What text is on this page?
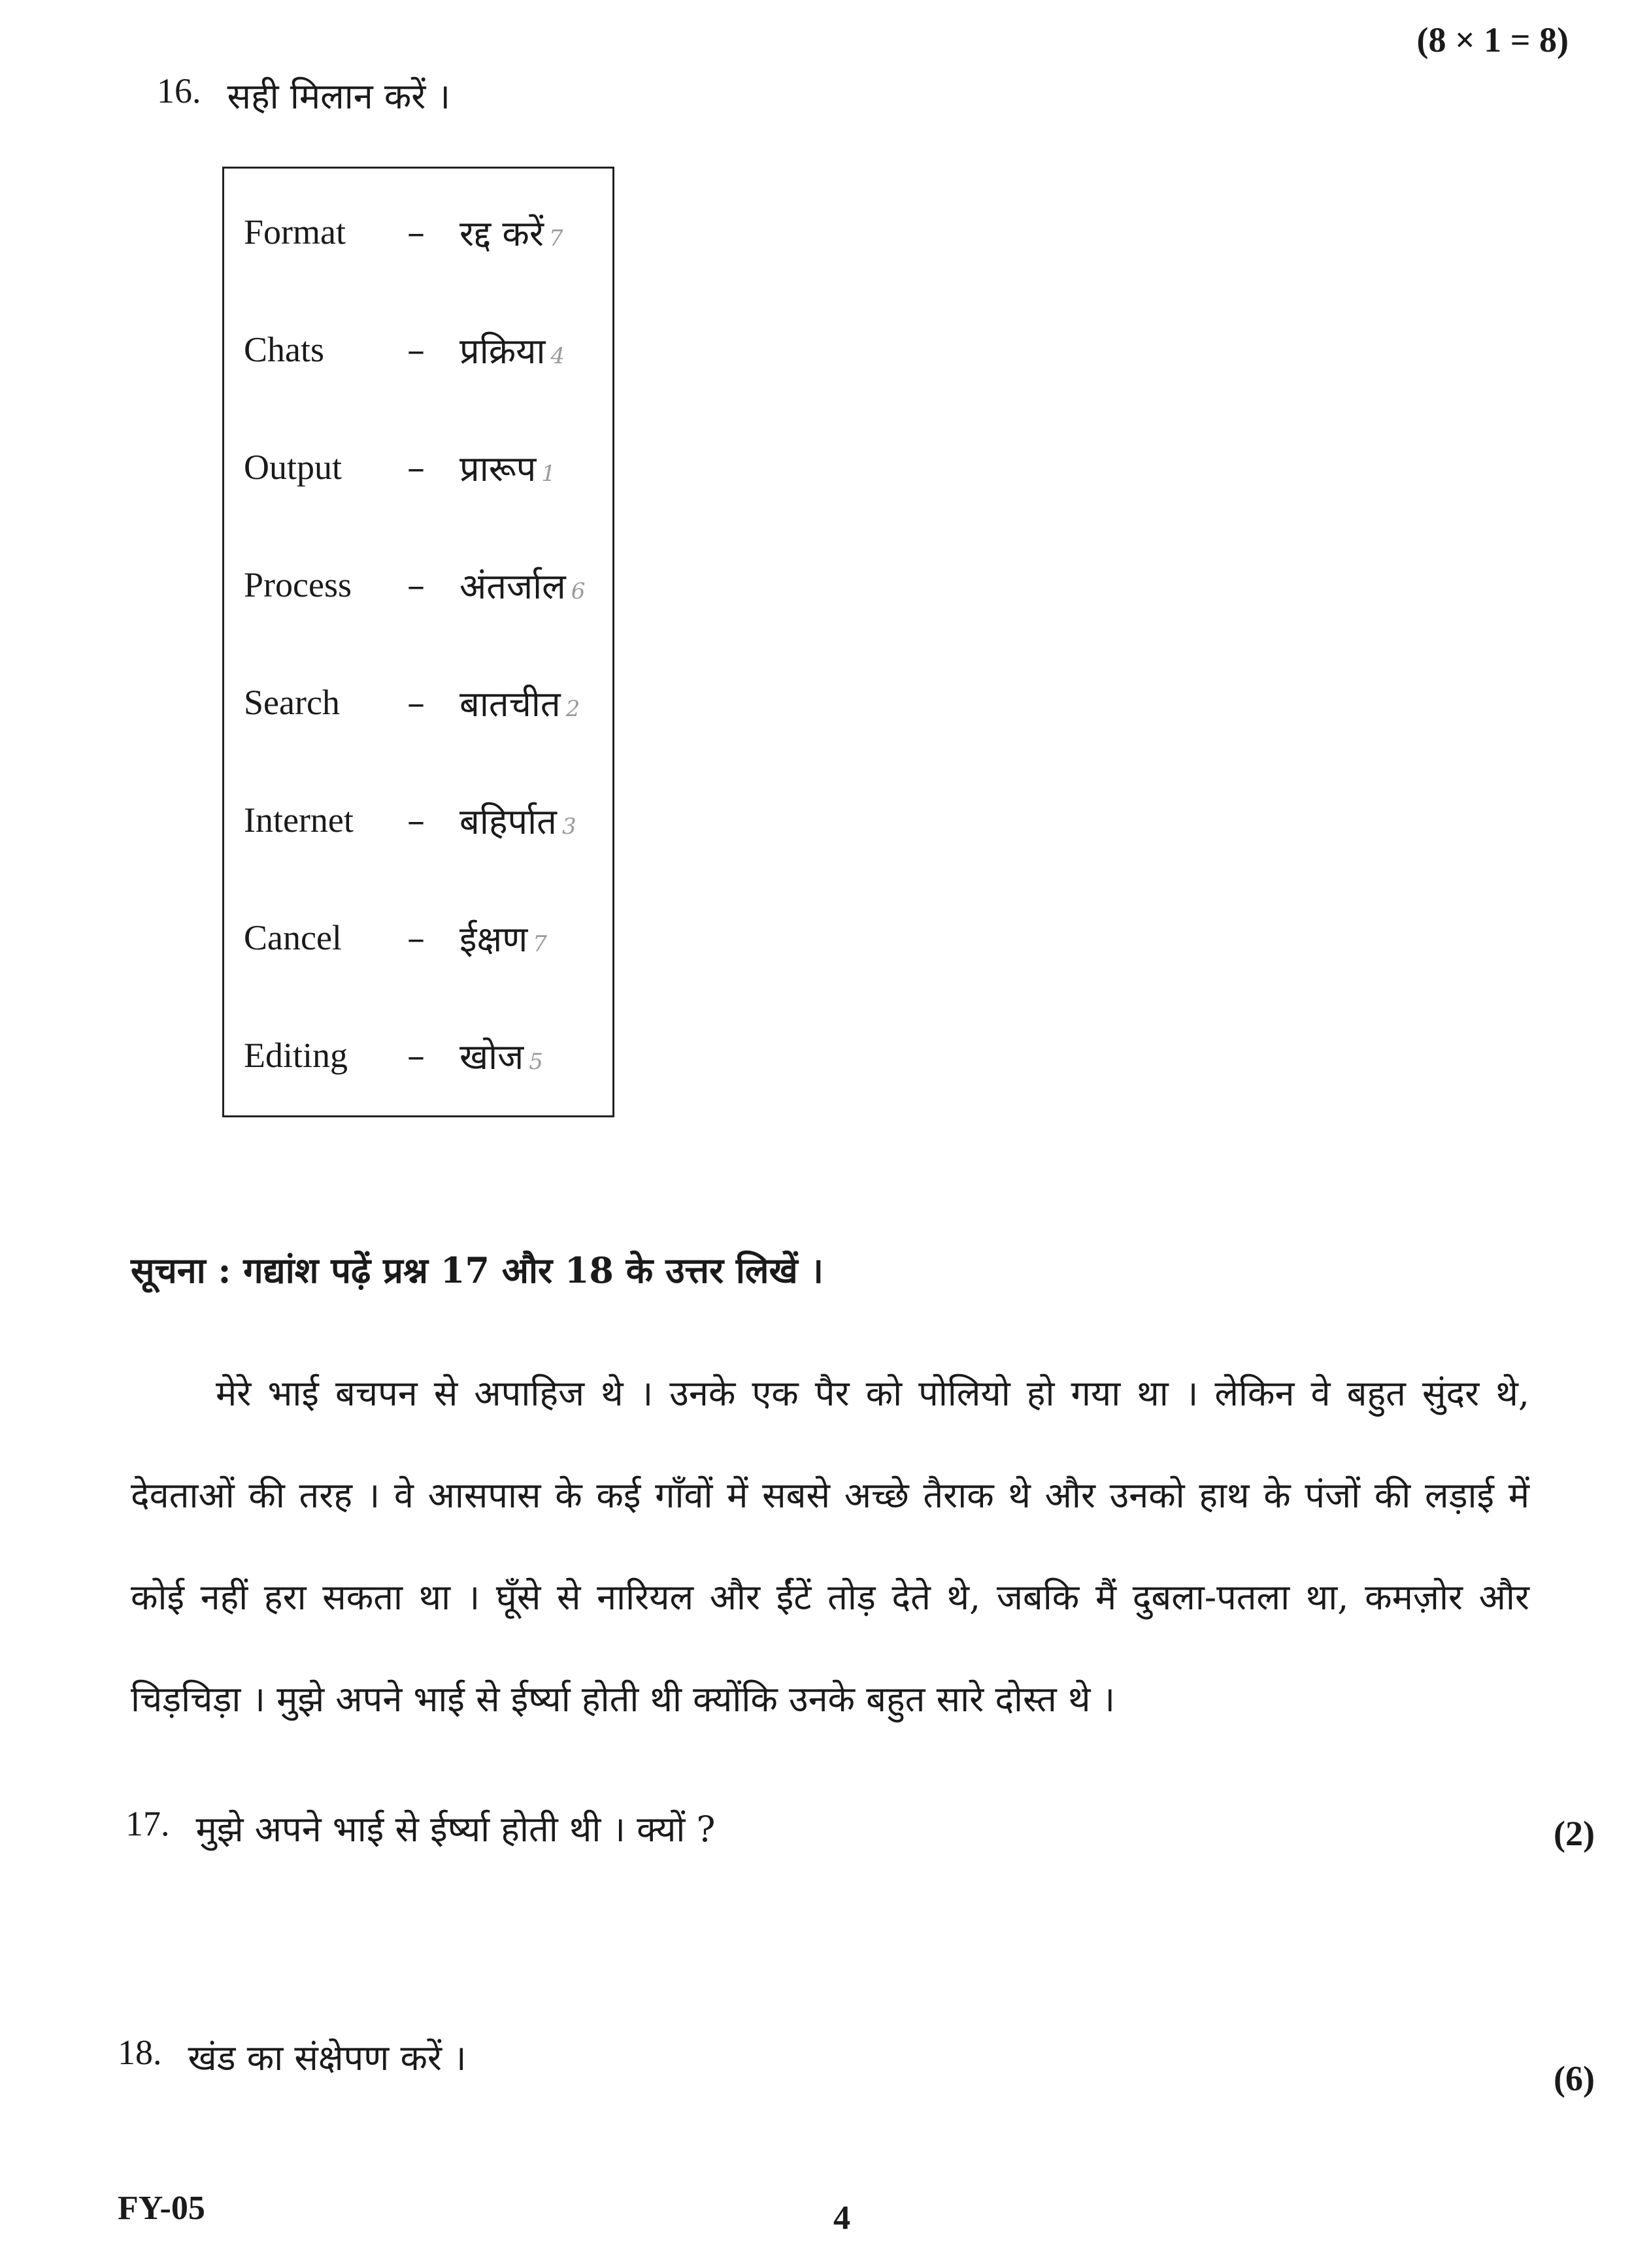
(8 × 1 = 8)
16. सही मिलान करें ।
Format	– रद्द करें 7
Chats	– प्रक्रिया 4
Output	– प्रारूप 1
Process	– अंतर्जाल 6
Search	– बातचीत 2
Internet	– बहिर्पात 3
Cancel	– ईक्षण 7
Editing	– खोज 5
सूचना : गद्यांश पढ़ें प्रश्न 17 और 18 के उत्तर लिखें ।
मेरे भाई बचपन से अपाहिज थे । उनके एक पैर को पोलियो हो गया था । लेकिन वे बहुत सुंदर थे, देवताओं की तरह । वे आसपास के कई गाँवों में सबसे अच्छे तैराक थे और उनको हाथ के पंजों की लड़ाई में कोई नहीं हरा सकता था । घूँसे से नारियल और ईंटें तोड़ देते थे, जबकि मैं दुबला-पतला था, कमज़ोर और चिड़चिड़ा । मुझे अपने भाई से ईर्ष्या होती थी क्योंकि उनके बहुत सारे दोस्त थे ।
17. मुझे अपने भाई से ईर्ष्या होती थी । क्यों ?	(2)
18. खंड का संक्षेपण करें ।	(6)
FY-05	4
